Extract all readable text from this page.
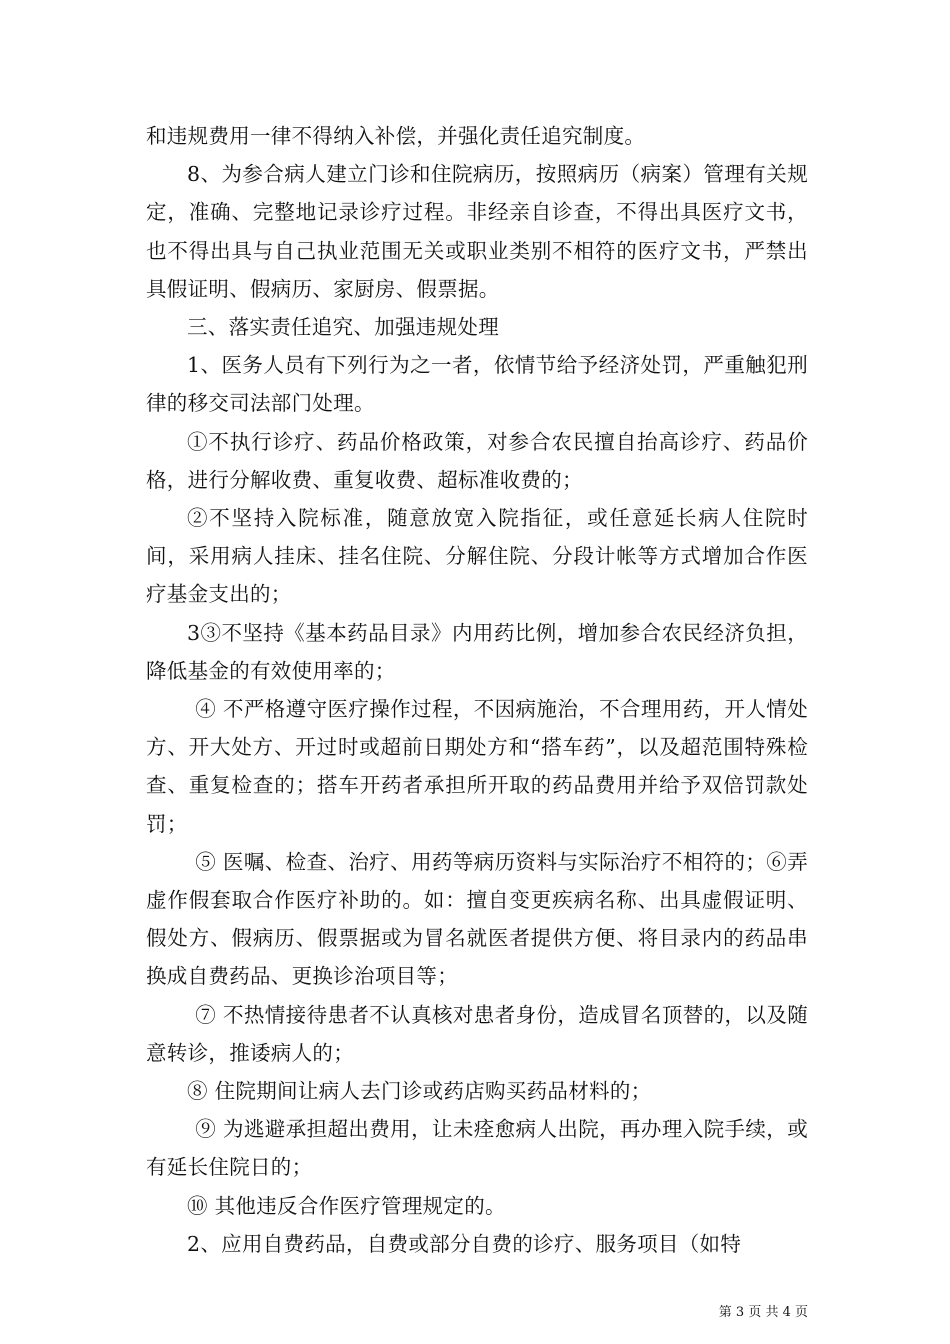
和违规费用一律不得纳入补偿，并强化责任追究制度。

8、为参合病人建立门诊和住院病历，按照病历（病案）管理有关规定，准确、完整地记录诊疗过程。非经亲自诊查，不得出具医疗文书，也不得出具与自己执业范围无关或职业类别不相符的医疗文书，严禁出具假证明、假病历、家厨房、假票据。

三、落实责任追究、加强违规处理

1、医务人员有下列行为之一者，依情节给予经济处罚，严重触犯刑律的移交司法部门处理。

①不执行诊疗、药品价格政策，对参合农民擅自抬高诊疗、药品价格，进行分解收费、重复收费、超标准收费的；

②不坚持入院标准，随意放宽入院指征，或任意延长病人住院时间，采用病人挂床、挂名住院、分解住院、分段计帐等方式增加合作医疗基金支出的；

3③不坚持《基本药品目录》内用药比例，增加参合农民经济负担，降低基金的有效使用率的；

④ 不严格遵守医疗操作过程，不因病施治，不合理用药，开人情处方、开大处方、开过时或超前日期处方和“搭车药”，以及超范围特殊检查、重复检查的；搭车开药者承担所开取的药品费用并给予双倍罚款处罚；

⑤ 医嘱、检查、治疗、用药等病历资料与实际治疗不相符的；⑥弄虚作假套取合作医疗补助的。如：擅自变更疾病名称、出具虚假证明、假处方、假病历、假票据或为冒名就医者提供方便、将目录内的药品串换成自费药品、更换诊治项目等；

⑦ 不热情接待患者不认真核对患者身份，造成冒名顶替的，以及随意转诊，推诿病人的；

⑧ 住院期间让病人去门诊或药店购买药品材料的；

⑨ 为逃避承担超出费用，让未痊愈病人出院，再办理入院手续，或有延长住院日的；

⑩ 其他违反合作医疗管理规定的。

2、应用自费药品，自费或部分自费的诊疗、服务项目（如特

第 3 页 共 4 页
